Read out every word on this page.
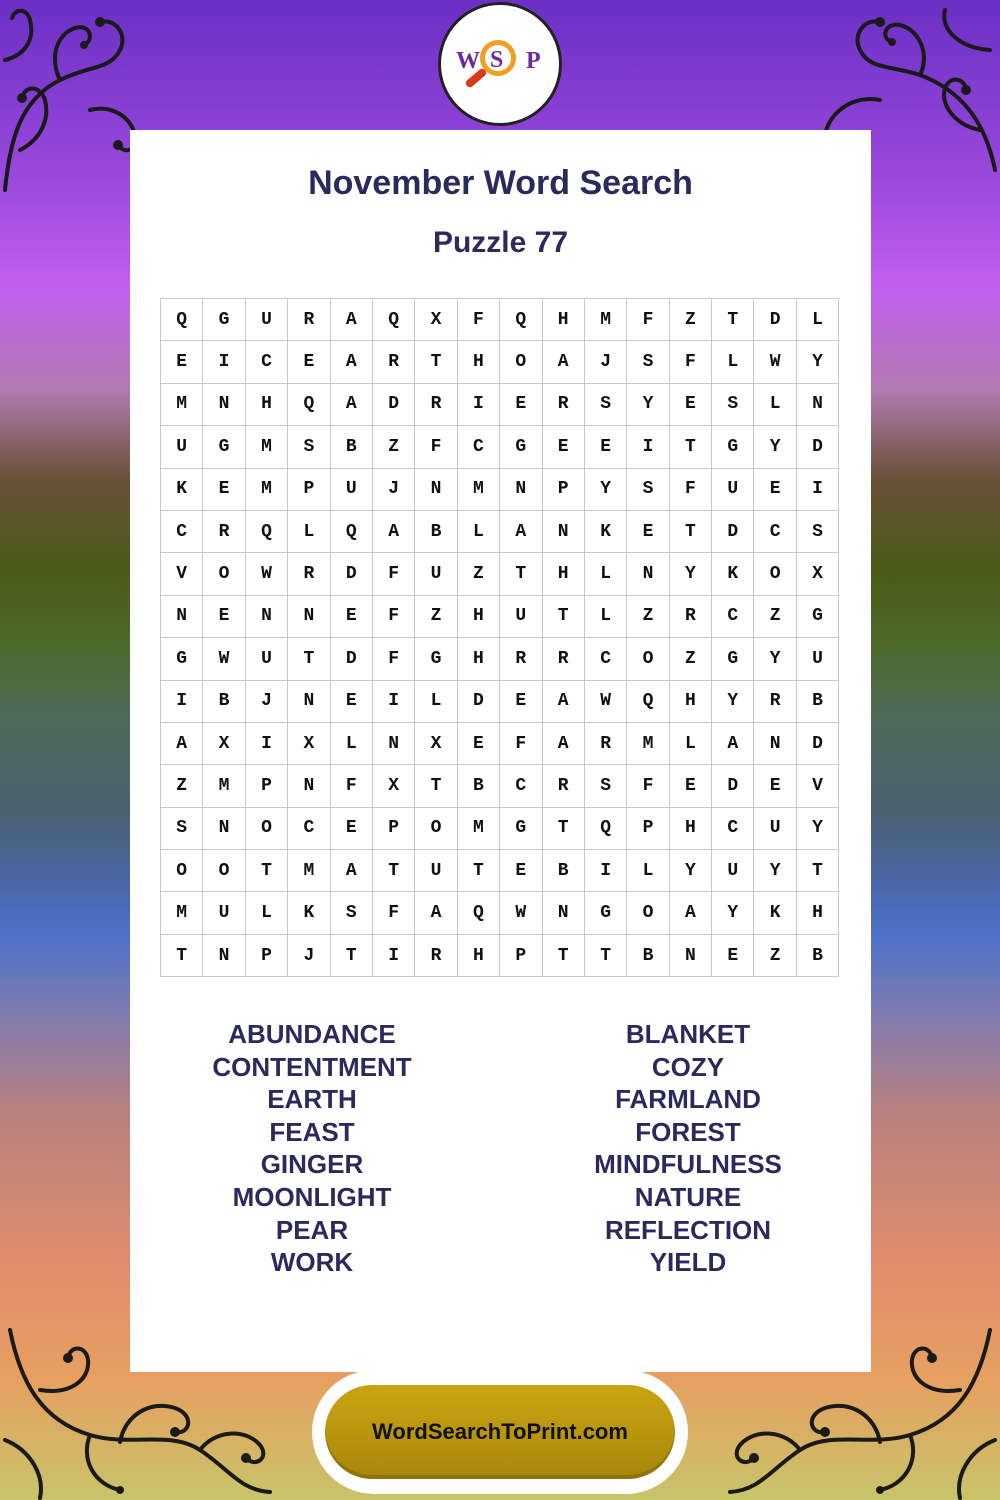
W S P
November Word Search
Puzzle 77
Q	G	U	R	A	Q	X	F	Q	H	M	F	Z	T	D	L
E	I	C	E	A	R	T	H	O	A	J	S	F	L	W	Y
M	N	H	Q	A	D	R	I	E	R	S	Y	E	S	L	N
U	G	M	S	B	Z	F	C	G	E	E	I	T	G	Y	D
K	E	M	P	U	J	N	M	N	P	Y	S	F	U	E	I
C	R	Q	L	Q	A	B	L	A	N	K	E	T	D	C	S
V	O	W	R	D	F	U	Z	T	H	L	N	Y	K	O	X
N	E	N	N	E	F	Z	H	U	T	L	Z	R	C	Z	G
G	W	U	T	D	F	G	H	R	R	C	O	Z	G	Y	U
I	B	J	N	E	I	L	D	E	A	W	Q	H	Y	R	B
A	X	I	X	L	N	X	E	F	A	R	M	L	A	N	D
Z	M	P	N	F	X	T	B	C	R	S	F	E	D	E	V
S	N	O	C	E	P	O	M	G	T	Q	P	H	C	U	Y
O	O	T	M	A	T	U	T	E	B	I	L	Y	U	Y	T
M	U	L	K	S	F	A	Q	W	N	G	O	A	Y	K	H
T	N	P	J	T	I	R	H	P	T	T	B	N	E	Z	B
ABUNDANCE
CONTENTMENT
EARTH
FEAST
GINGER
MOONLIGHT
PEAR
WORK
BLANKET
COZY
FARMLAND
FOREST
MINDFULNESS
NATURE
REFLECTION
YIELD
WordSearchToPrint.com
